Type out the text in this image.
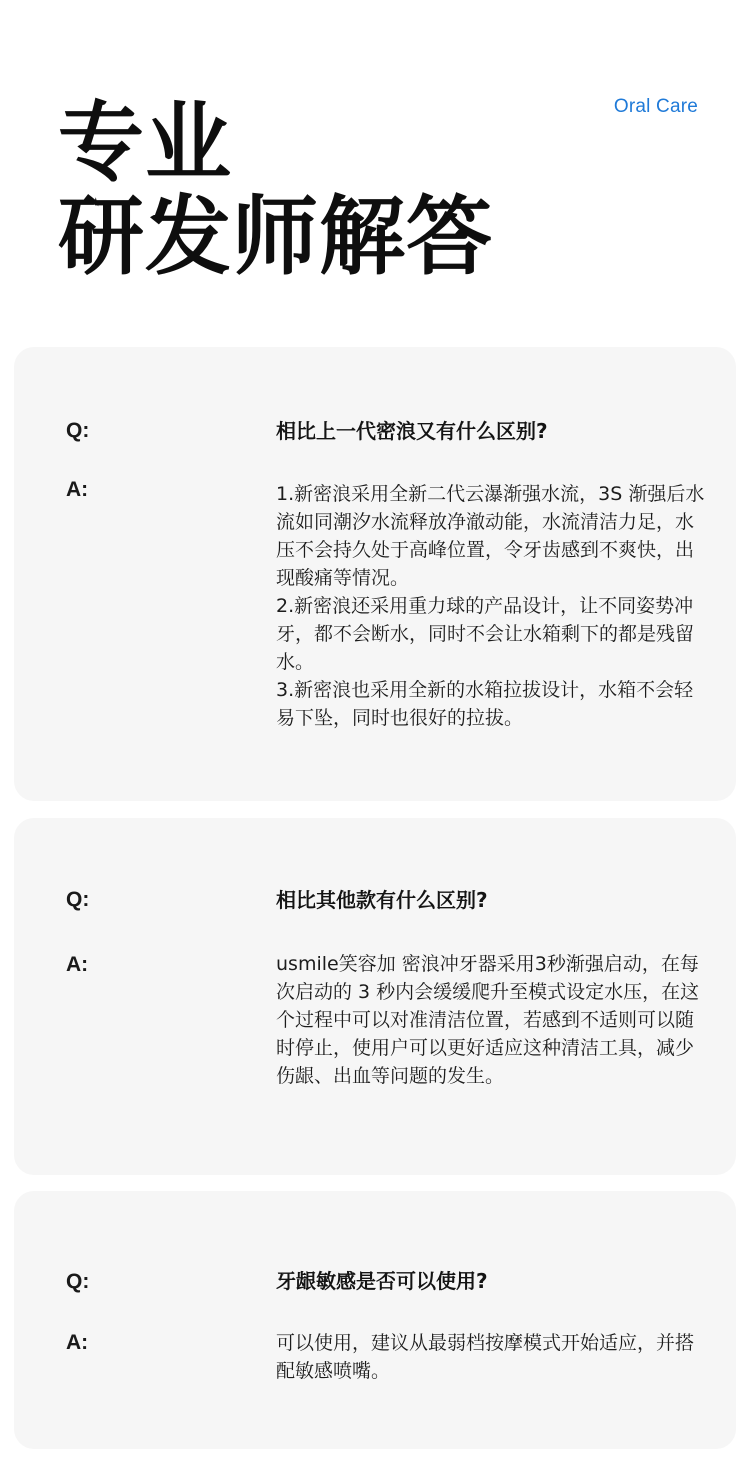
Oral Care
专业
研发师解答
Q:	相比上一代密浪又有什么区别?
A:	1.新密浪采用全新二代云瀑渐强水流，3S 渐强后水流如同潮汐水流释放净澈动能，水流清洁力足，水压不会持久处于高峰位置，令牙齿感到不爽快，出现酸痛等情况。

2.新密浪还采用重力球的产品设计，让不同姿势冲牙，都不会断水，同时不会让水箱剩下的都是残留水。

3.新密浪也采用全新的水箱拉拔设计，水箱不会轻易下坠，同时也很好的拉拔。

Q:	相比其他款有什么区别?
A:	usmile笑容加 密浪冲牙器采用3秒渐强启动，在每次启动的 3 秒内会缓缓爬升至模式设定水压，在这个过程中可以对准清洁位置，若感到不适则可以随时停止，使用户可以更好适应这种清洁工具，减少伤龈、出血等问题的发生。

Q:	牙龈敏感是否可以使用?
A:	可以使用，建议从最弱档按摩模式开始适应，并搭配敏感喷嘴。
